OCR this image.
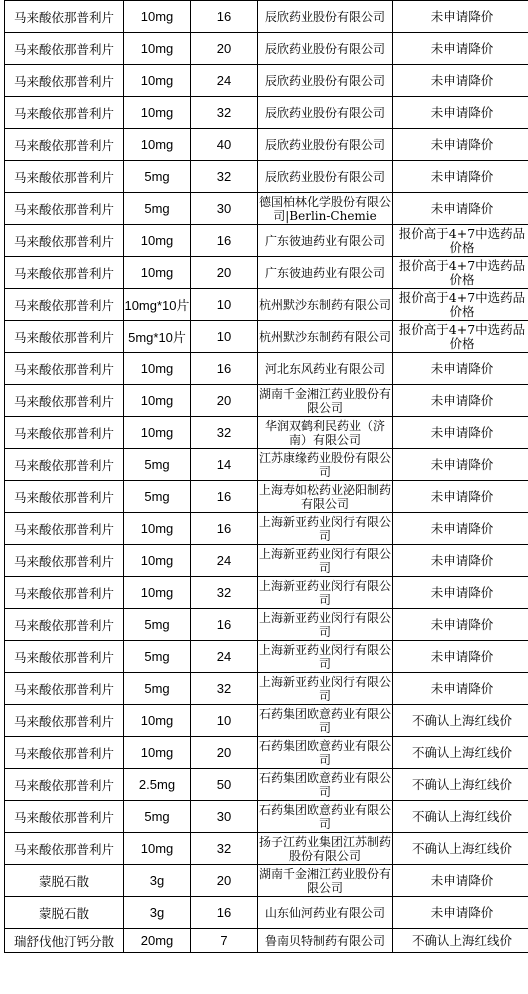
马来酸依那普利片	10mg	16	辰欣药业股份有限公司	未申请降价
马来酸依那普利片	10mg	20	辰欣药业股份有限公司	未申请降价
马来酸依那普利片	10mg	24	辰欣药业股份有限公司	未申请降价
马来酸依那普利片	10mg	32	辰欣药业股份有限公司	未申请降价
马来酸依那普利片	10mg	40	辰欣药业股份有限公司	未申请降价
马来酸依那普利片	5mg	32	辰欣药业股份有限公司	未申请降价
马来酸依那普利片	5mg	30	德国柏林化学股份有限公司|Berlin-Chemie	未申请降价
马来酸依那普利片	10mg	16	广东彼迪药业有限公司	报价高于4+7中选药品价格
马来酸依那普利片	10mg	20	广东彼迪药业有限公司	报价高于4+7中选药品价格
马来酸依那普利片	10mg*10片	10	杭州默沙东制药有限公司	报价高于4+7中选药品价格
马来酸依那普利片	5mg*10片	10	杭州默沙东制药有限公司	报价高于4+7中选药品价格
马来酸依那普利片	10mg	16	河北东风药业有限公司	未申请降价
马来酸依那普利片	10mg	20	湖南千金湘江药业股份有限公司	未申请降价
马来酸依那普利片	10mg	32	华润双鹤利民药业（济南）有限公司	未申请降价
马来酸依那普利片	5mg	14	江苏康缘药业股份有限公司	未申请降价
马来酸依那普利片	5mg	16	上海寿如松药业泌阳制药有限公司	未申请降价
马来酸依那普利片	10mg	16	上海新亚药业闵行有限公司	未申请降价
马来酸依那普利片	10mg	24	上海新亚药业闵行有限公司	未申请降价
马来酸依那普利片	10mg	32	上海新亚药业闵行有限公司	未申请降价
马来酸依那普利片	5mg	16	上海新亚药业闵行有限公司	未申请降价
马来酸依那普利片	5mg	24	上海新亚药业闵行有限公司	未申请降价
马来酸依那普利片	5mg	32	上海新亚药业闵行有限公司	未申请降价
马来酸依那普利片	10mg	10	石药集团欧意药业有限公司	不确认上海红线价
马来酸依那普利片	10mg	20	石药集团欧意药业有限公司	不确认上海红线价
马来酸依那普利片	2.5mg	50	石药集团欧意药业有限公司	不确认上海红线价
马来酸依那普利片	5mg	30	石药集团欧意药业有限公司	不确认上海红线价
马来酸依那普利片	10mg	32	扬子江药业集团江苏制药股份有限公司	不确认上海红线价
蒙脱石散	3g	20	湖南千金湘江药业股份有限公司	未申请降价
蒙脱石散	3g	16	山东仙河药业有限公司	未申请降价
瑞舒伐他汀钙分散	20mg	7	鲁南贝特制药有限公司	不确认上海红线价
